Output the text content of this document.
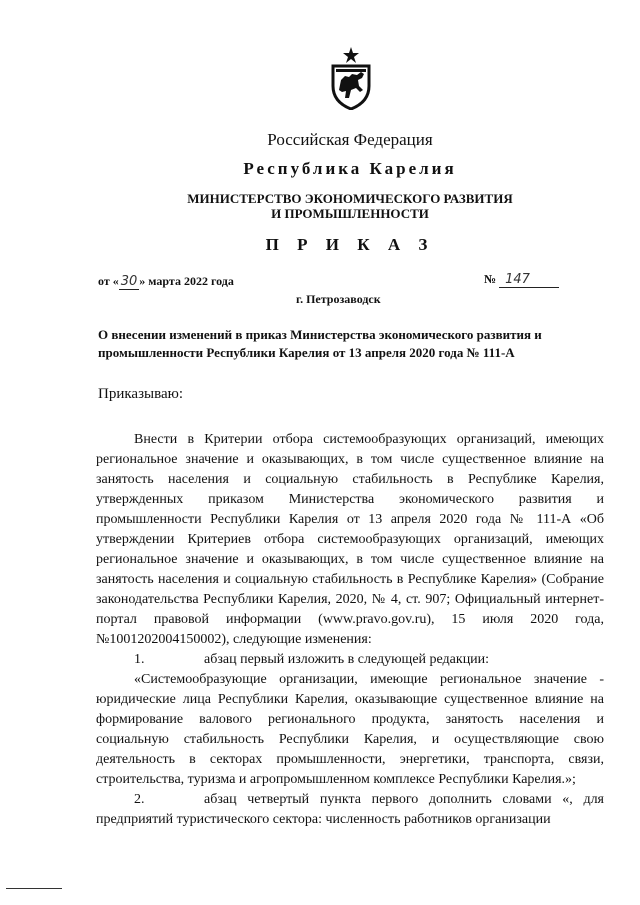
Российская Федерация
Республика Карелия
МИНИСТЕРСТВО ЭКОНОМИЧЕСКОГО РАЗВИТИЯ
И ПРОМЫШЛЕННОСТИ
П Р И К А З
от « 30 » марта 2022 года	№ 147
г. Петрозаводск
О внесении изменений в приказ Министерства экономического развития и промышленности Республики Карелия от 13 апреля 2020 года № 111-А
Приказываю:

Внести в Критерии отбора системообразующих организаций, имеющих региональное значение и оказывающих, в том числе существенное влияние на занятость населения и социальную стабильность в Республике Карелия, утвержденных приказом Министерства экономического развития и промышленности Республики Карелия от 13 апреля 2020 года № 111-А «Об утверждении Критериев отбора системообразующих организаций, имеющих региональное значение и оказывающих, в том числе существенное влияние на занятость населения и социальную стабильность в Республике Карелия» (Собрание законодательства Республики Карелия, 2020, № 4, ст. 907; Официальный интернет-портал правовой информации (www.pravo.gov.ru), 15 июля 2020 года, №1001202004150002), следующие изменения:

1.	абзац первый изложить в следующей редакции:

«Системообразующие организации, имеющие региональное значение - юридические лица Республики Карелия, оказывающие существенное влияние на формирование валового регионального продукта, занятость населения и социальную стабильность Республики Карелия, и осуществляющие свою деятельность в секторах промышленности, энергетики, транспорта, связи, строительства, туризма и агропромышленном комплексе Республики Карелия.»;

2.	абзац четвертый пункта первого дополнить словами «, для предприятий туристического сектора: численность работников организации
